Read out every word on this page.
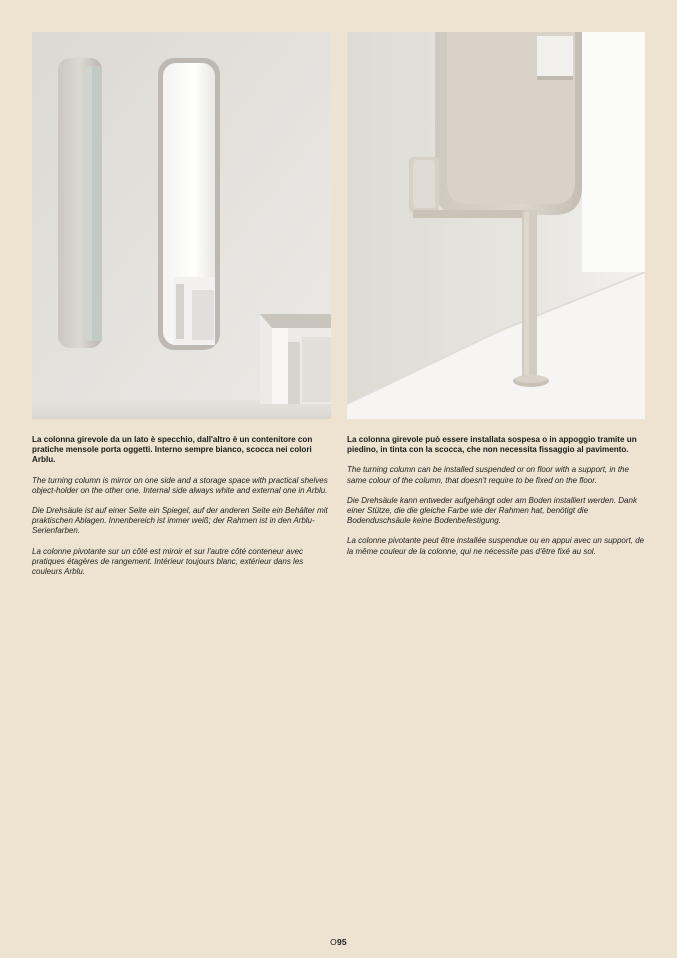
La colonna girevole da un lato è specchio, dall'altro è un contenitore con pratiche mensole porta oggetti. Interno sempre bianco, scocca nei colori Arblu.

The turning column is mirror on one side and a storage space with practical shelves object-holder on the other one. Internal side always white and external one in Arblu.

Die Drehsäule ist auf einer Seite ein Spiegel, auf der anderen Seite ein Behälter mit praktischen Ablagen. Innenbereich ist immer weiß; der Rahmen ist in den Arblu-Serienfarben.

La colonne pivotante sur un côté est miroir et sur l'autre côté conteneur avec pratiques étagères de rangement. Intérieur toujours blanc, extérieur dans les couleurs Arblu.

La colonna girevole può essere installata sospesa o in appoggio tramite un piedino, in tinta con la scocca, che non necessita fissaggio al pavimento.

The turning column can be installed suspended or on floor with a support, in the same colour of the column, that doesn't require to be fixed on the floor.

Die Drehsäule kann entweder aufgehängt oder am Boden installiert werden. Dank einer Stütze, die die gleiche Farbe wie der Rahmen hat, benötigt die Bodenduschsäule keine Bodenbefestigung.

La colonne pivotante peut être installée suspendue ou en appui avec un support, de la même couleur de la colonne, qui ne nécessite pas d'être fixé au sol.

O95
